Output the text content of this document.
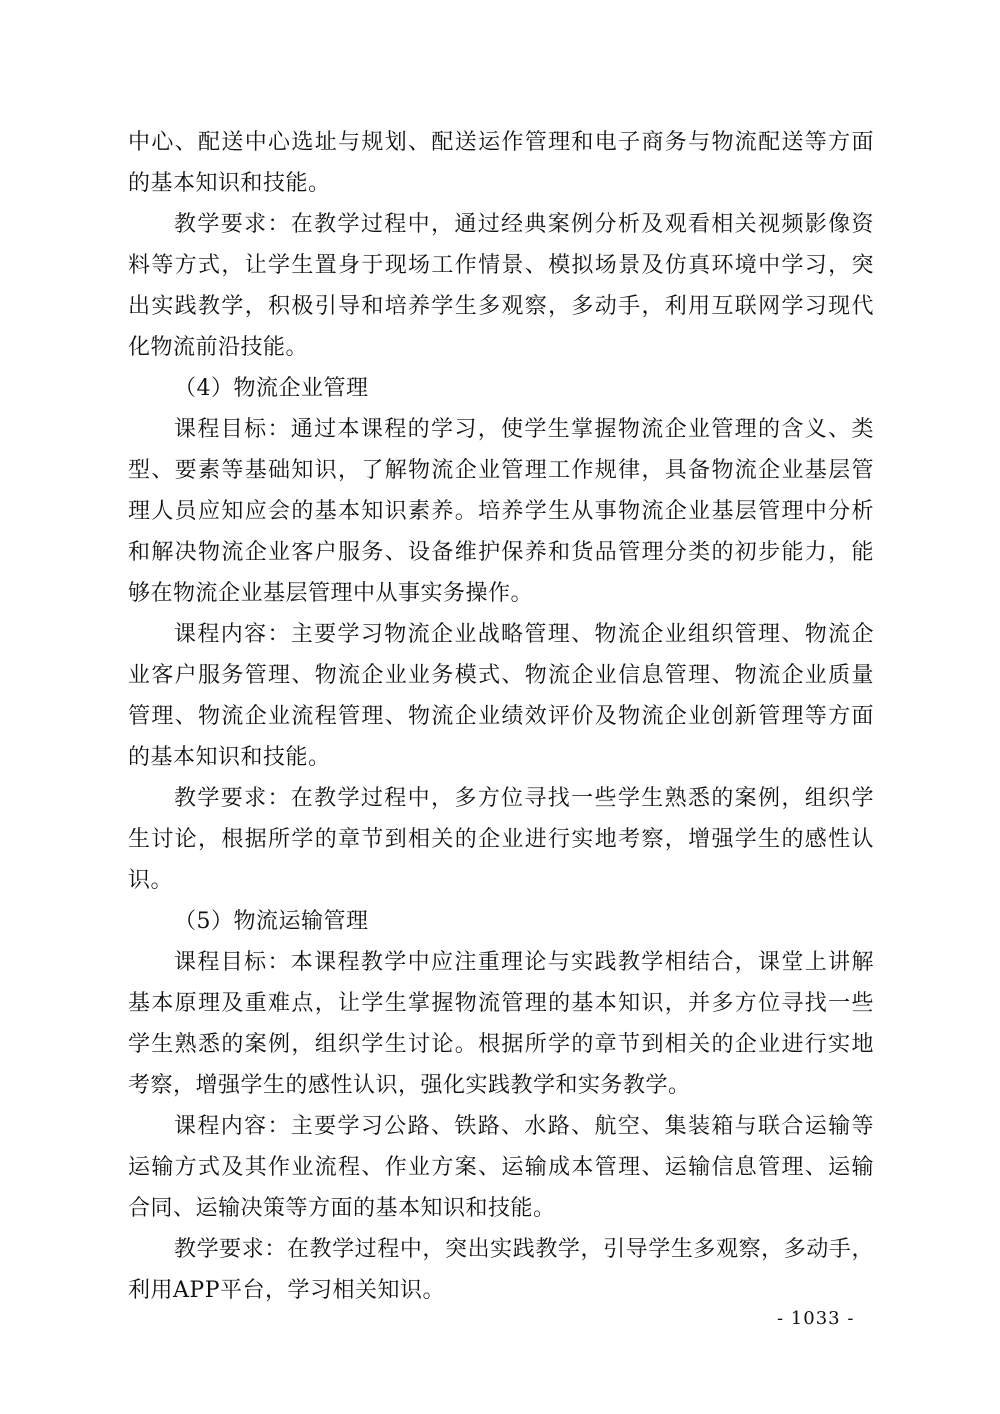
中心、配送中心选址与规划、配送运作管理和电子商务与物流配送等方面
的基本知识和技能。
教学要求：在教学过程中，通过经典案例分析及观看相关视频影像资
料等方式，让学生置身于现场工作情景、模拟场景及仿真环境中学习，突
出实践教学，积极引导和培养学生多观察，多动手，利用互联网学习现代
化物流前沿技能。
（4）物流企业管理
课程目标：通过本课程的学习，使学生掌握物流企业管理的含义、类
型、要素等基础知识，了解物流企业管理工作规律，具备物流企业基层管
理人员应知应会的基本知识素养。培养学生从事物流企业基层管理中分析
和解决物流企业客户服务、设备维护保养和货品管理分类的初步能力，能
够在物流企业基层管理中从事实务操作。
课程内容：主要学习物流企业战略管理、物流企业组织管理、物流企
业客户服务管理、物流企业业务模式、物流企业信息管理、物流企业质量
管理、物流企业流程管理、物流企业绩效评价及物流企业创新管理等方面
的基本知识和技能。
教学要求：在教学过程中，多方位寻找一些学生熟悉的案例，组织学
生讨论，根据所学的章节到相关的企业进行实地考察，增强学生的感性认
识。
（5）物流运输管理
课程目标：本课程教学中应注重理论与实践教学相结合，课堂上讲解
基本原理及重难点，让学生掌握物流管理的基本知识，并多方位寻找一些
学生熟悉的案例，组织学生讨论。根据所学的章节到相关的企业进行实地
考察，增强学生的感性认识，强化实践教学和实务教学。
课程内容：主要学习公路、铁路、水路、航空、集装箱与联合运输等
运输方式及其作业流程、作业方案、运输成本管理、运输信息管理、运输
合同、运输决策等方面的基本知识和技能。
教学要求：在教学过程中，突出实践教学，引导学生多观察，多动手，
利用APP平台，学习相关知识。
- 1033 -
